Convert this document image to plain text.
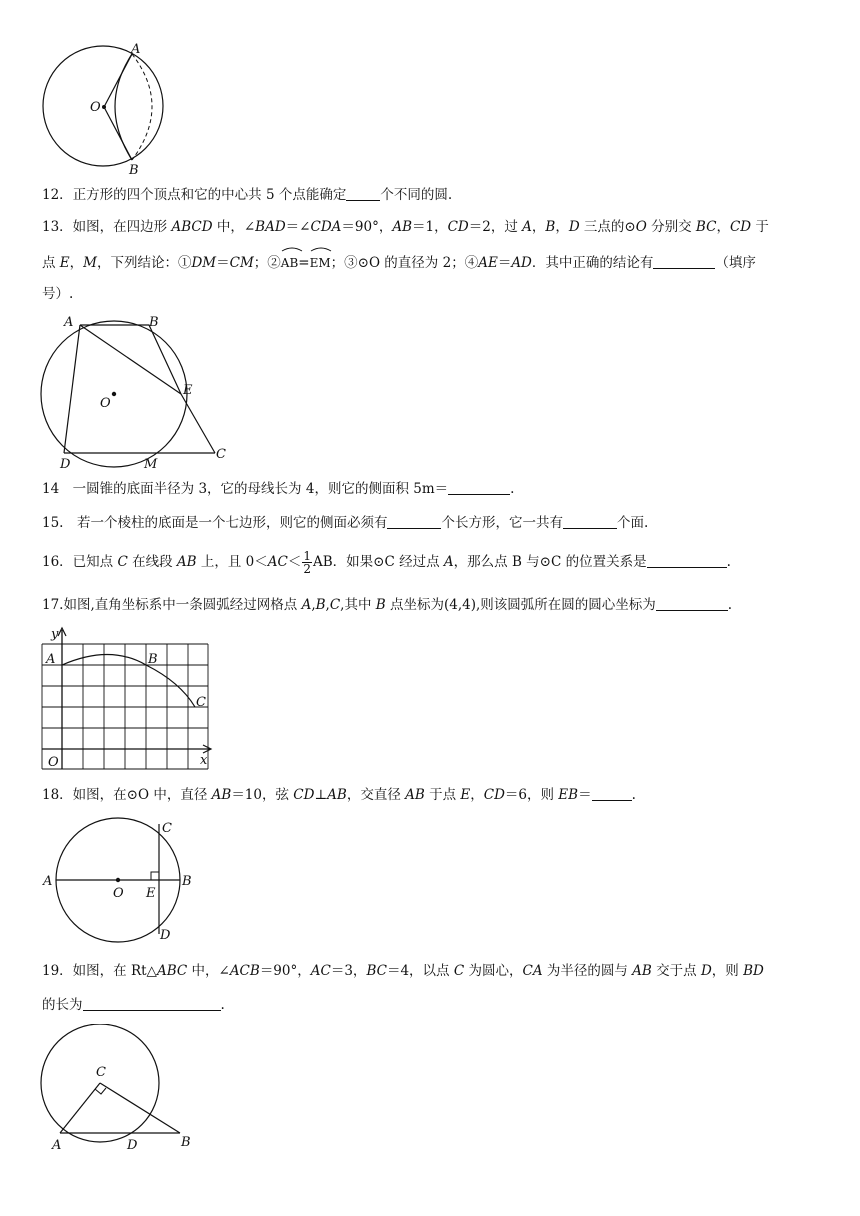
A
O
B
12．正方形的四个顶点和它的中心共 5 个点能确定	个不同的圆.
13．如图，在四边形 ABCD 中，∠BAD＝∠CDA＝90°，AB＝1，CD＝2，过 A，B，D 三点的⊙O 分别交 BC，CD 于
点 E，M，下列结论：①DM＝CM；②
AB=
EM；③⊙O 的直径为 2；④AE＝AD．其中正确的结论有	（填序
号）.
A	B
E
O
D	M
C
14　一圆锥的底面半径为 3，它的母线长为 4，则它的侧面积 5m＝	.
15.　若一个棱柱的底面是一个七边形，则它的侧面必须有	个长方形，它一共有	个面.
16．已知点 C 在线段 AB 上，且 $0<AC< \frac{1}{2}$ AB．如果⊙C 经过点 A，那么点 B 与⊙C 的位置关系是	.
17.如图,直角坐标系中一条圆弧经过网格点 A,B,C,其中 B 点坐标为(4,4),则该圆弧所在圆的圆心坐标为	.
y
A	B
C
O	x
18．如图，在⊙O 中，直径 AB＝10，弦 CD⊥AB，交直径 AB 于点 E，CD＝6，则 EB＝	.
C
A
O E
B
D
19．如图，在 Rt△ABC 中，∠ACB＝90°，AC＝3，BC＝4，以点 C 为圆心，CA 为半径的圆与 AB 交于点 D，则 BD
的长为	.
C
A	D	B
